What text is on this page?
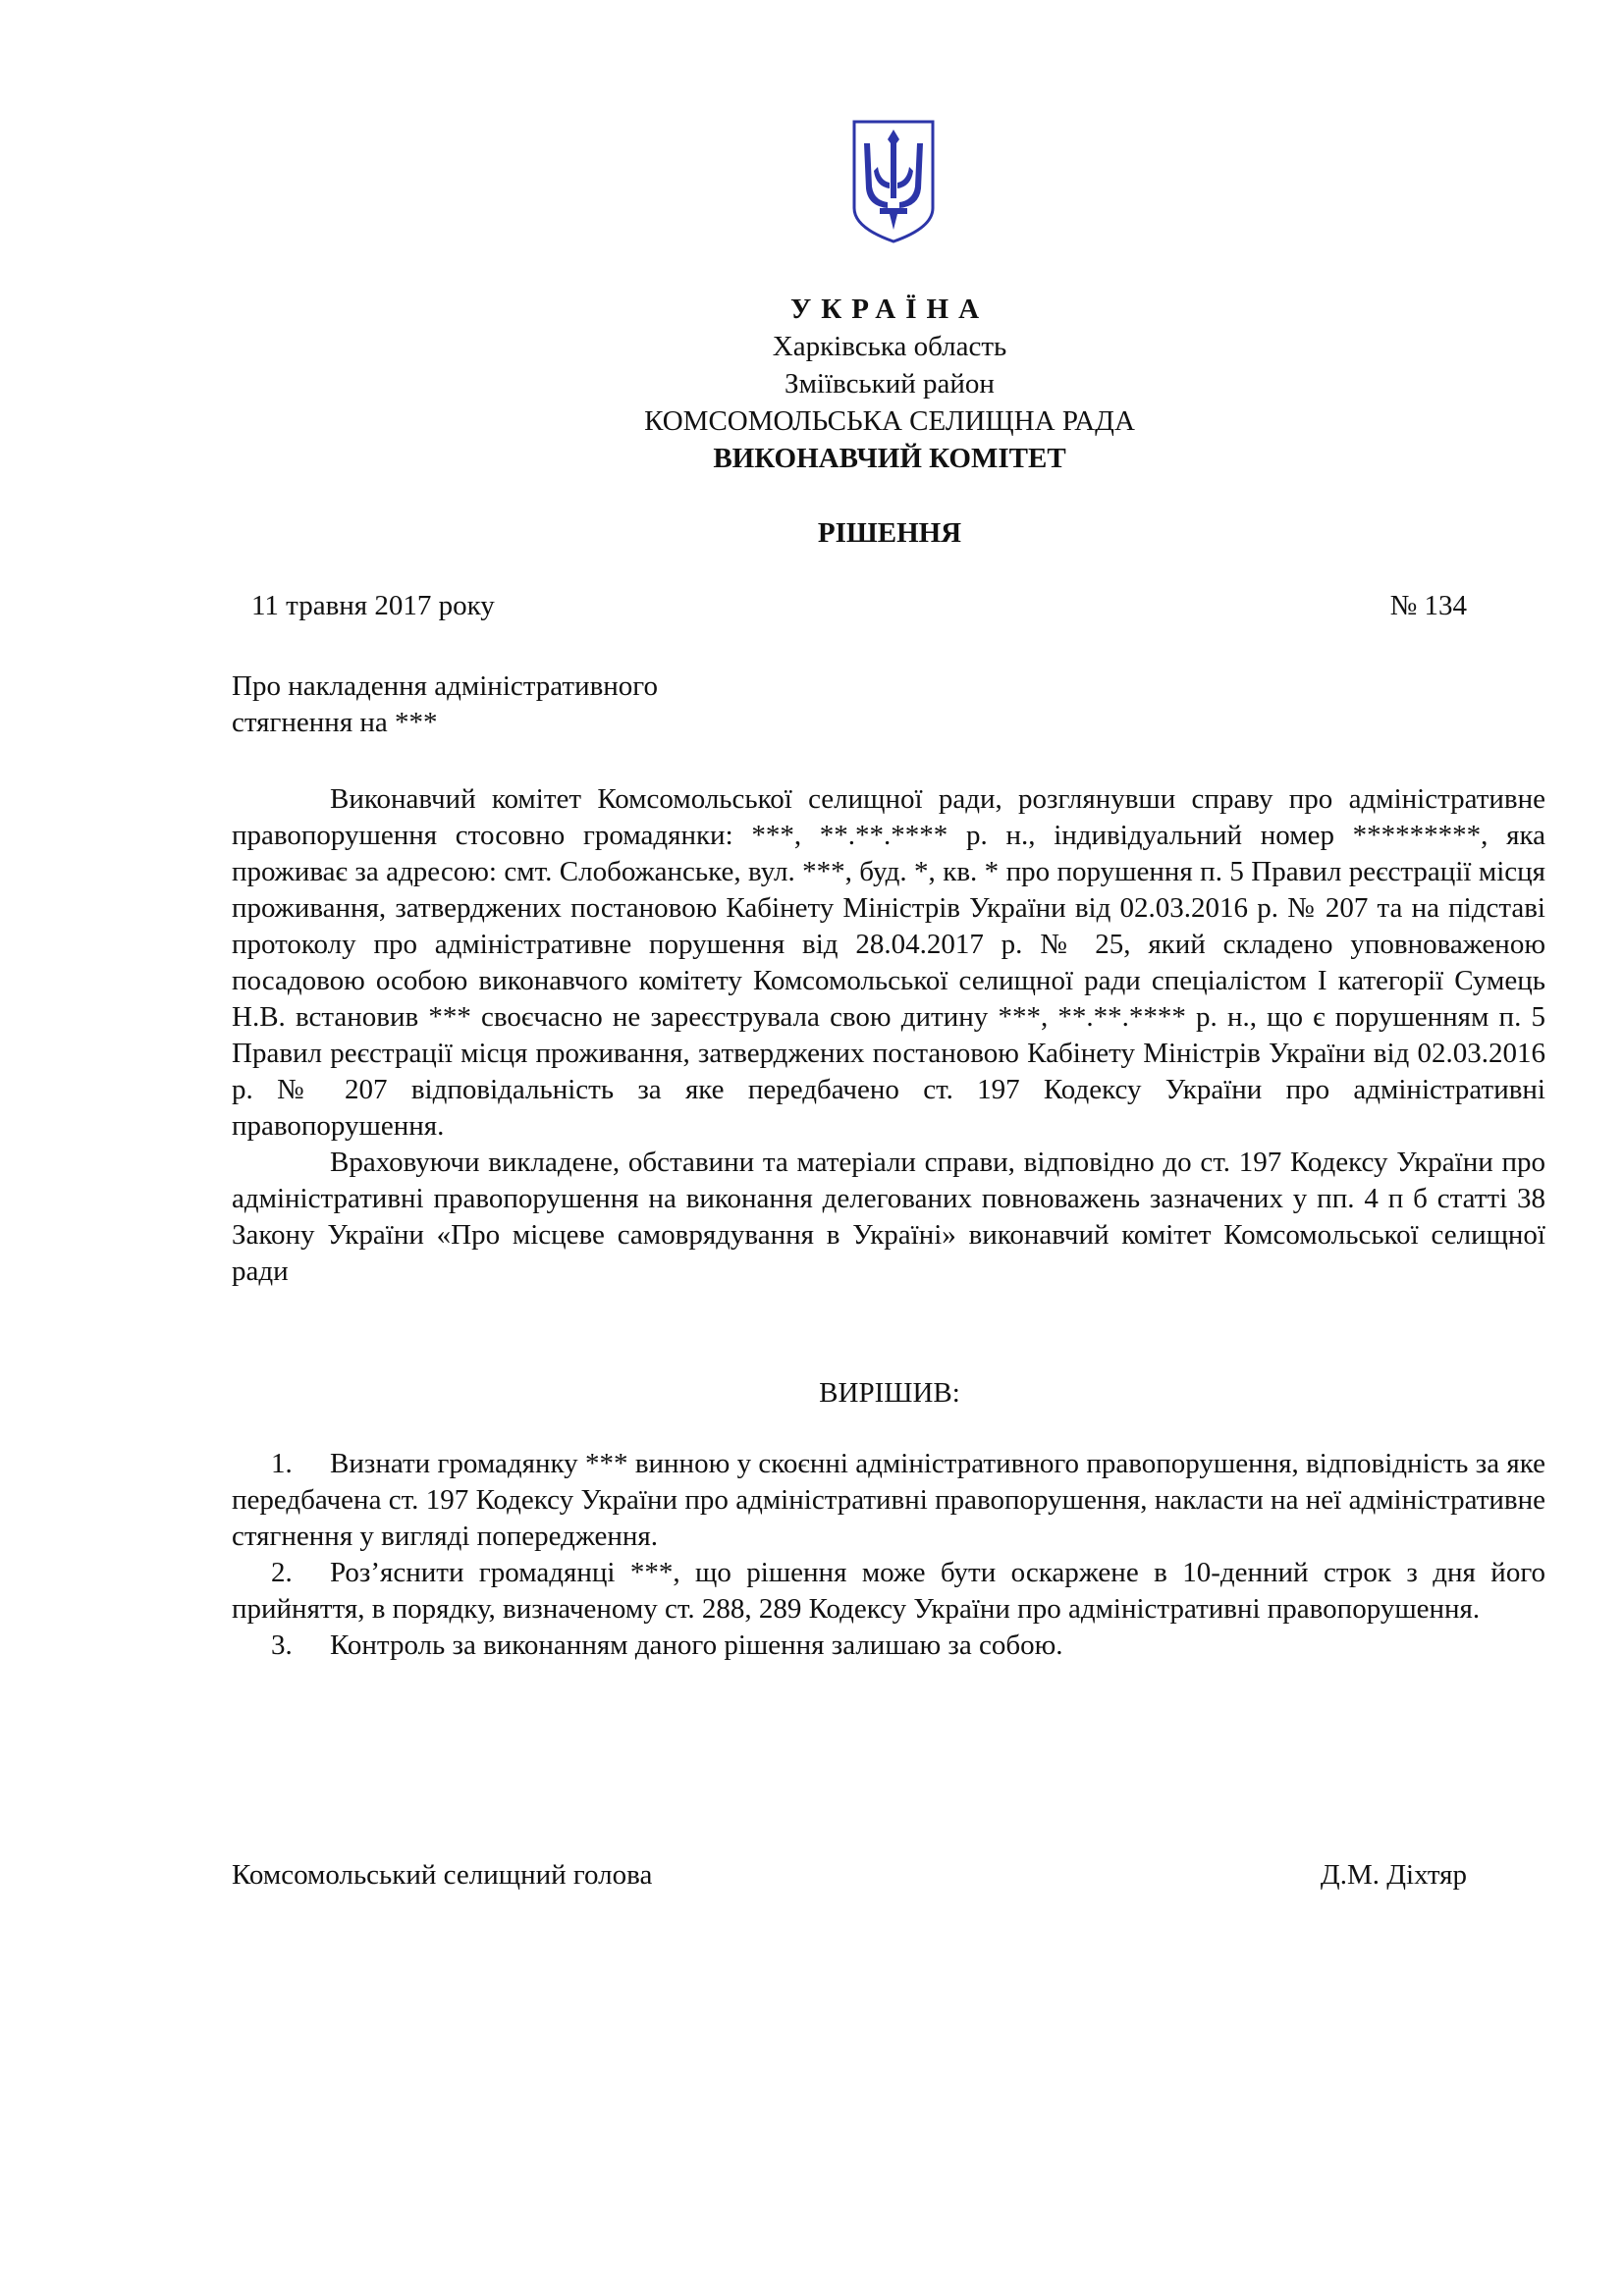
УКРАЇНА
Харківська область
Зміївський район
КОМСОМОЛЬСЬКА СЕЛИЩНА РАДА
ВИКОНАВЧИЙ КОМІТЕТ
РІШЕННЯ
11 травня 2017 року	№ 134
Про накладення адміністративного
стягнення на ***

Виконавчий комітет Комсомольської селищної ради, розглянувши справу про адміністративне правопорушення стосовно громадянки: ***, **.**.**** р. н., індивідуальний номер *********, яка проживає за адресою: смт. Слобожанське, вул. ***, буд. *, кв. * про порушення п. 5 Правил реєстрації місця проживання, затверджених постановою Кабінету Міністрів України від 02.03.2016 р. № 207 та на підставі протоколу про адміністративне порушення від 28.04.2017 р. № 25, який складено уповноваженою посадовою особою виконавчого комітету Комсомольської селищної ради спеціалістом І категорії Сумець Н.В. встановив *** своєчасно не зареєструвала свою дитину ***, **.**.**** р. н., що є порушенням п. 5 Правил реєстрації місця проживання, затверджених постановою Кабінету Міністрів України від 02.03.2016 р. № 207 відповідальність за яке передбачено ст. 197 Кодексу України про адміністративні правопорушення.

Враховуючи викладене, обставини та матеріали справи, відповідно до ст. 197 Кодексу України про адміністративні правопорушення на виконання делегованих повноважень зазначених у пп. 4 п б статті 38 Закону України «Про місцеве самоврядування в Україні» виконавчий комітет Комсомольської селищної ради

ВИРІШИВ:
1. Визнати громадянку *** винною у скоєнні адміністративного правопорушення, відповідність за яке передбачена ст. 197 Кодексу України про адміністративні правопорушення, накласти на неї адміністративне стягнення у вигляді попередження.
2. Роз’яснити громадянці ***, що рішення може бути оскаржене в 10-денний строк з дня його прийняття, в порядку, визначеному ст. 288, 289 Кодексу України про адміністративні правопорушення.
3. Контроль за виконанням даного рішення залишаю за собою.
Комсомольський селищний голова	Д.М. Діхтяр
